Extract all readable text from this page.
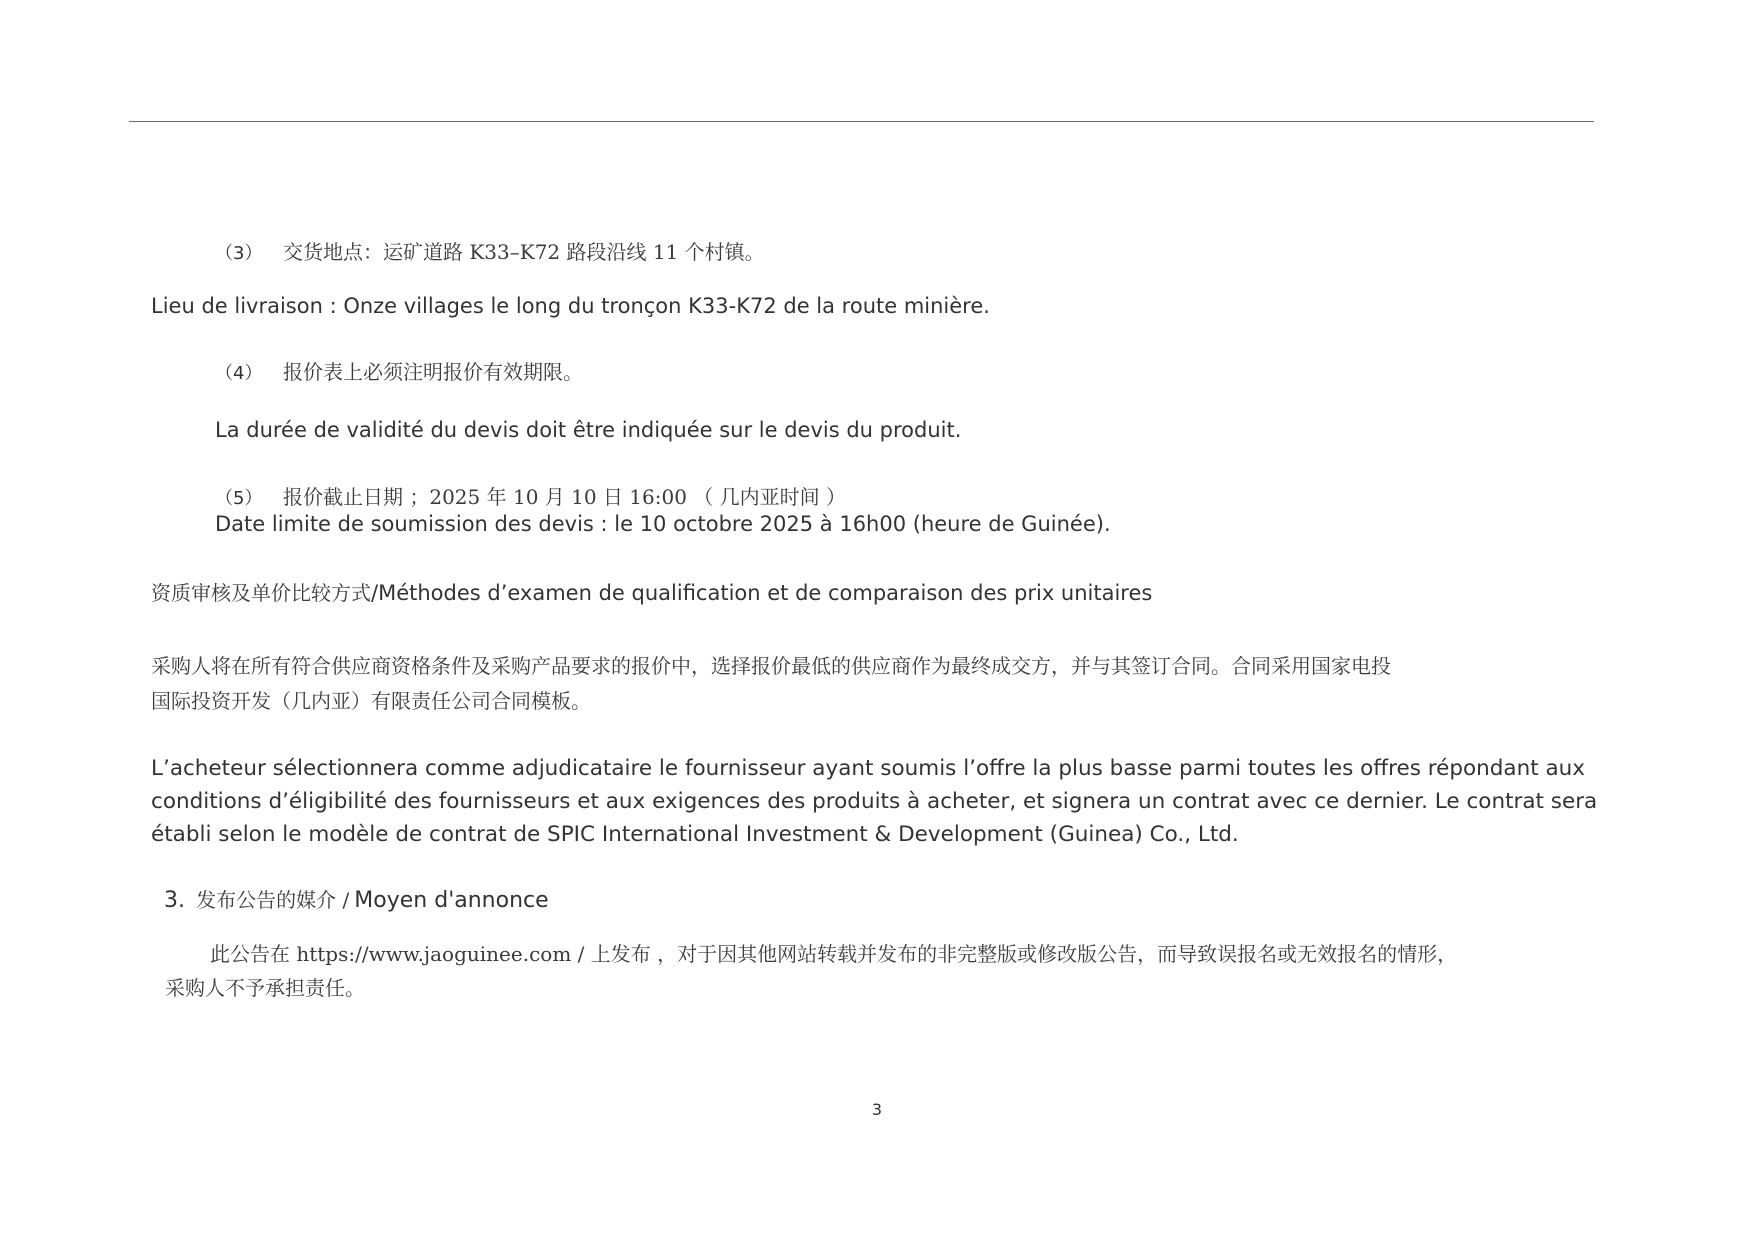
（3） 交货地点：运矿道路 K33–K72 路段沿线 11 个村镇。
Lieu de livraison : Onze villages le long du tronçon K33-K72 de la route minière.
（4） 报价表上必须注明报价有效期限。
La durée de validité du devis doit être indiquée sur le devis du produit.
（5） 报价截止日期 ；2025 年 10 月 10 日 16:00 （ 几内亚时间 ）
Date limite de soumission des devis : le 10 octobre 2025 à 16h00 (heure de Guinée).
资质审核及单价比较方式/Méthodes d’examen de qualification et de comparaison des prix unitaires
采购人将在所有符合供应商资格条件及采购产品要求的报价中，选择报价最低的供应商作为最终成交方，并与其签订合同。合同采用国家电投
国际投资开发（几内亚）有限责任公司合同模板。
L’acheteur sélectionnera comme adjudicataire le fournisseur ayant soumis l’offre la plus basse parmi toutes les offres répondant aux conditions d’éligibilité des fournisseurs et aux exigences des produits à acheter, et signera un contrat avec ce dernier. Le contrat sera établi selon le modèle de contrat de SPIC International Investment & Development (Guinea) Co., Ltd.
3. 发布公告的媒介 / Moyen d'annonce
此公告在 https://www.jaoguinee.com / 上发布 ，对于因其他网站转载并发布的非完整版或修改版公告，而导致误报名或无效报名的情形，
采购人不予承担责任。
3
